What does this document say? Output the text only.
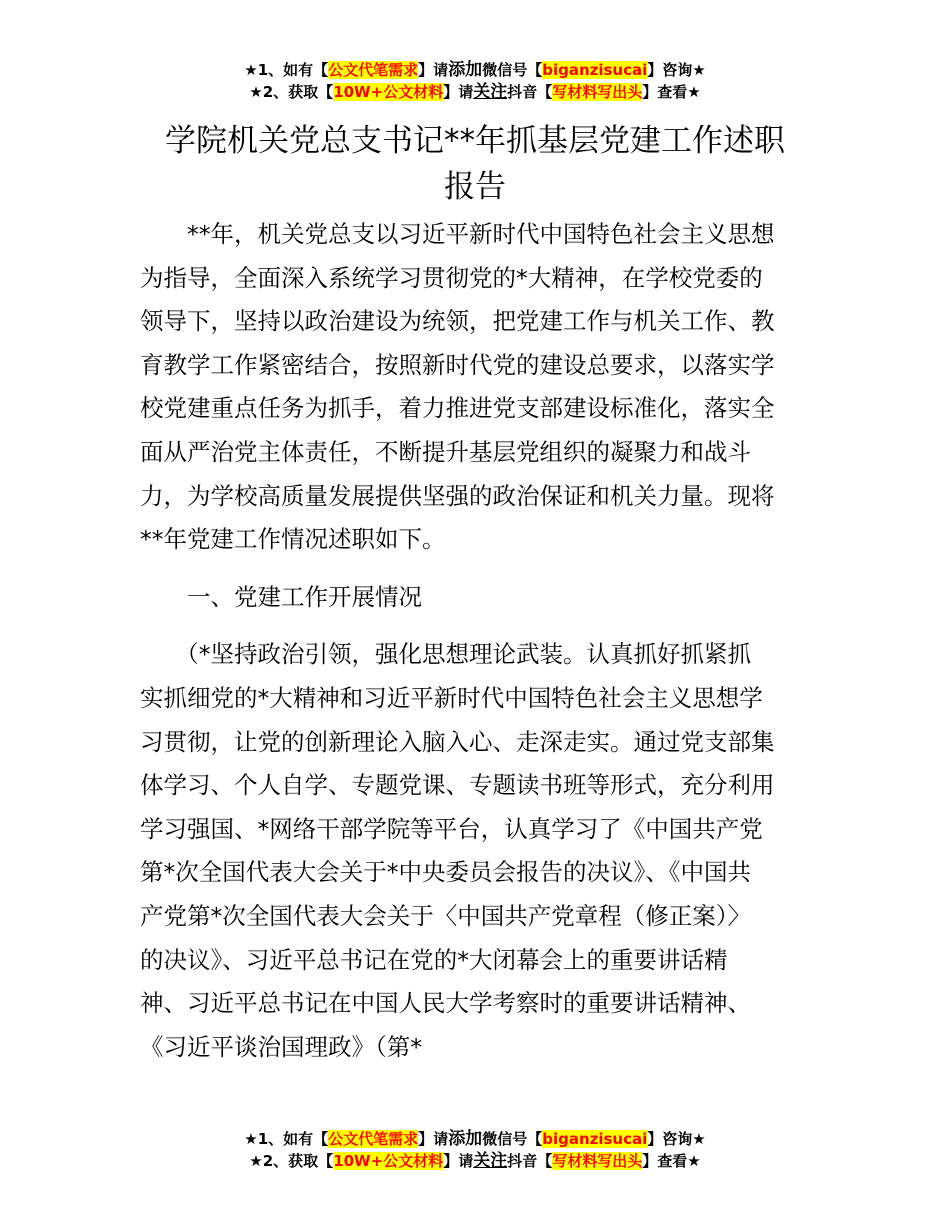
★1、如有【公文代笔需求】请添加微信号【biganzisucai】咨询★
★2、获取【10W+公文材料】请关注抖音【写材料写出头】查看★
学院机关党总支书记**年抓基层党建工作述职
报告
　　**年，机关党总支以习近平新时代中国特色社会主义思想
为指导，全面深入系统学习贯彻党的*大精神，在学校党委的
领导下，坚持以政治建设为统领，把党建工作与机关工作、教
育教学工作紧密结合，按照新时代党的建设总要求，以落实学
校党建重点任务为抓手，着力推进党支部建设标准化，落实全
面从严治党主体责任，不断提升基层党组织的凝聚力和战斗
力，为学校高质量发展提供坚强的政治保证和机关力量。现将
**年党建工作情况述职如下。
　　一、党建工作开展情况
　　（*坚持政治引领，强化思想理论武装。认真抓好抓紧抓
实抓细党的*大精神和习近平新时代中国特色社会主义思想学
习贯彻，让党的创新理论入脑入心、走深走实。通过党支部集
体学习、个人自学、专题党课、专题读书班等形式，充分利用
学习强国、*网络干部学院等平台，认真学习了《中国共产党
第*次全国代表大会关于*中央委员会报告的决议》、《中国共
产党第*次全国代表大会关于〈中国共产党章程（修正案）〉
的决议》、习近平总书记在党的*大闭幕会上的重要讲话精
神、习近平总书记在中国人民大学考察时的重要讲话精神、
《习近平谈治国理政》（第*
★1、如有【公文代笔需求】请添加微信号【biganzisucai】咨询★
★2、获取【10W+公文材料】请关注抖音【写材料写出头】查看★
